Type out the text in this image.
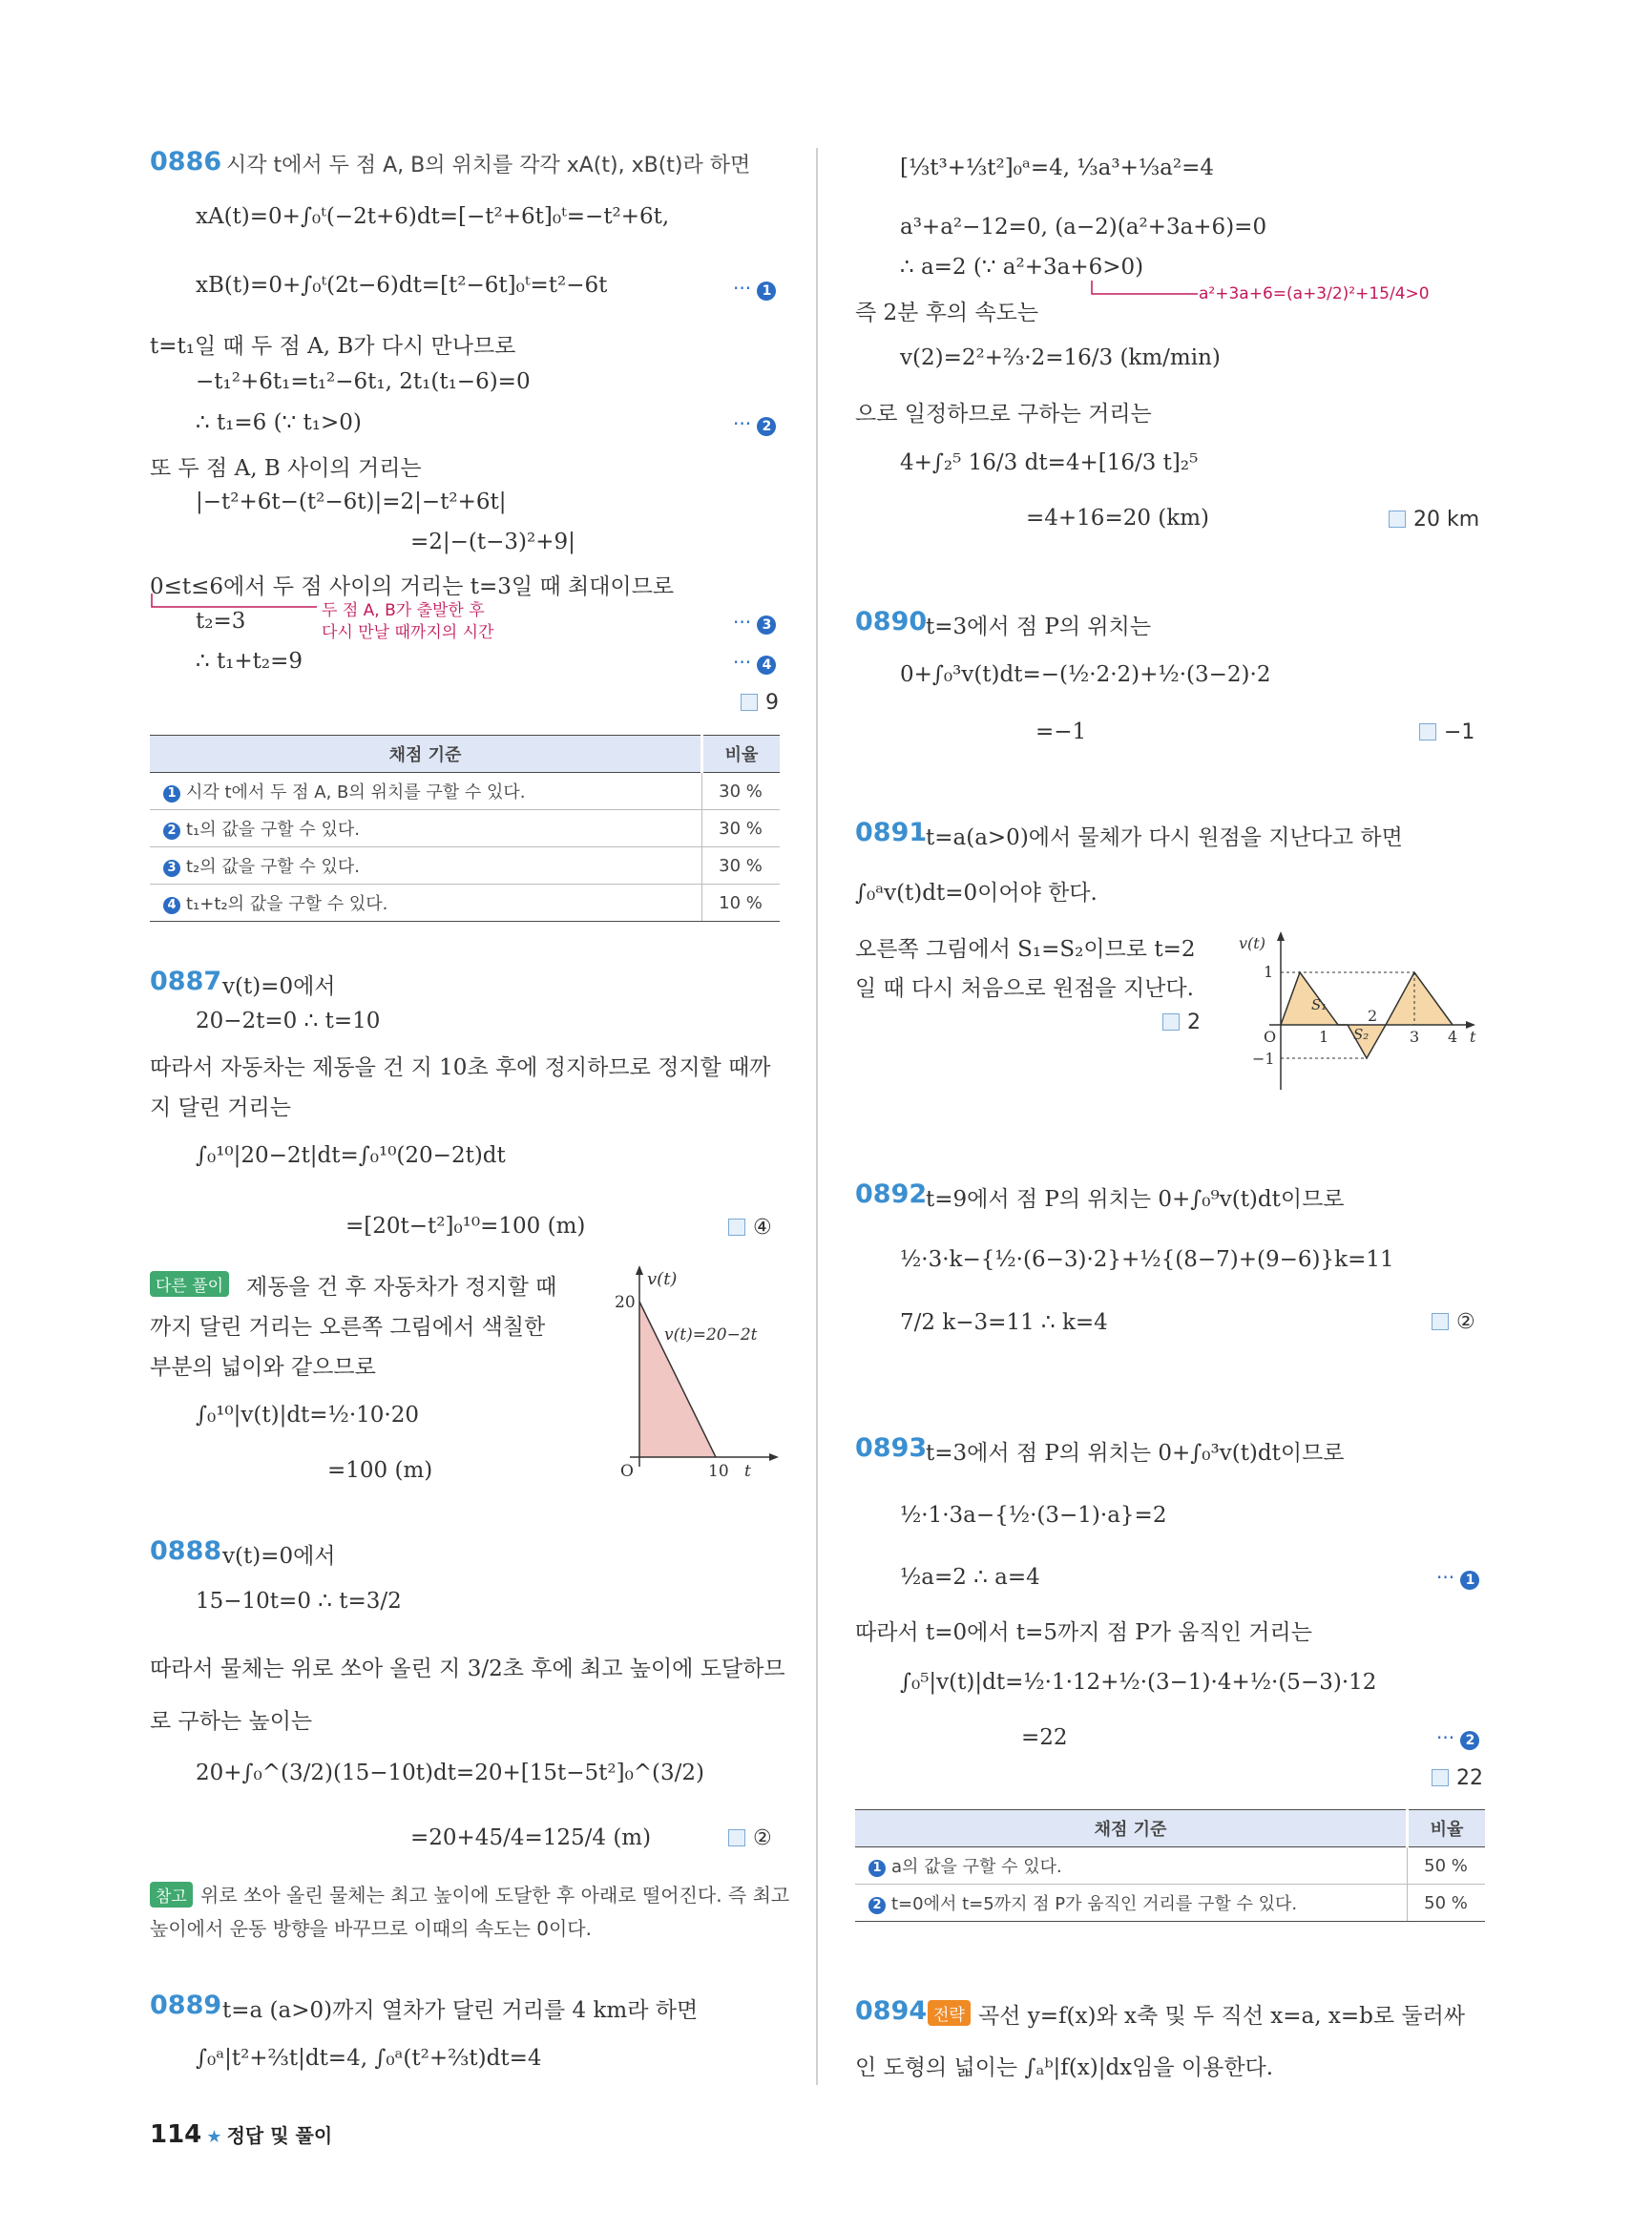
0886 시각 t에서 두 점 A, B의 위치를 각각 xA(t), xB(t)라 하면
xA(t)=0+∫₀ᵗ(−2t+6)dt=[−t²+6t]₀ᵗ=−t²+6t,
xB(t)=0+∫₀ᵗ(2t−6)dt=[t²−6t]₀ᵗ=t²−6t	··· 1
t=t₁일 때 두 점 A, B가 다시 만나므로
−t₁²+6t₁=t₁²−6t₁, 2t₁(t₁−6)=0
∴ t₁=6 (∵ t₁>0)	··· 2
또 두 점 A, B 사이의 거리는
|−t²+6t−(t²−6t)|=2|−t²+6t|
=2|−(t−3)²+9|
0≤t≤6에서 두 점 사이의 거리는 t=3일 때 최대이므로
두 점 A, B가 출발한 후
다시 만날 때까지의 시간
t₂=3	··· 3
∴ t₁+t₂=9	··· 4
9
채점 기준	비율
1 시각 t에서 두 점 A, B의 위치를 구할 수 있다.	30 %
2 t₁의 값을 구할 수 있다.	30 %
3 t₂의 값을 구할 수 있다.	30 %
4 t₁+t₂의 값을 구할 수 있다.	10 %
0887 v(t)=0에서
20−2t=0 ∴ t=10
따라서 자동차는 제동을 건 지 10초 후에 정지하므로 정지할 때까
지 달린 거리는
∫₀¹⁰|20−2t|dt=∫₀¹⁰(20−2t)dt
=[20t−t²]₀¹⁰=100 (m)	④
다른 풀이 제동을 건 후 자동차가 정지할 때
까지 달린 거리는 오른쪽 그림에서 색칠한
부분의 넓이와 같으므로
∫₀¹⁰|v(t)|dt=½·10·20
=100 (m)
v(t)
20
O	10 t
v(t)=20−2t
0888 v(t)=0에서
15−10t=0 ∴ t=3/2
따라서 물체는 위로 쏘아 올린 지 3/2초 후에 최고 높이에 도달하므
로 구하는 높이는
20+∫₀^(3/2)(15−10t)dt=20+[15t−5t²]₀^(3/2)
=20+45/4=125/4 (m)	②
참고 위로 쏘아 올린 물체는 최고 높이에 도달한 후 아래로 떨어진다. 즉 최고
높이에서 운동 방향을 바꾸므로 이때의 속도는 0이다.
0889 t=a (a>0)까지 열차가 달린 거리를 4 km라 하면
∫₀ᵃ|t²+⅔t|dt=4, ∫₀ᵃ(t²+⅔t)dt=4
[⅓t³+⅓t²]₀ᵃ=4, ⅓a³+⅓a²=4
a³+a²−12=0, (a−2)(a²+3a+6)=0
∴ a=2 (∵ a²+3a+6>0)
a²+3a+6=(a+3/2)²+15/4>0
즉 2분 후의 속도는
v(2)=2²+⅔·2=16/3 (km/min)
으로 일정하므로 구하는 거리는
4+∫₂⁵ 16/3 dt=4+[16/3 t]₂⁵
=4+16=20 (km)	20 km
114 ★ 정답 및 풀이
0890
t=3에서 점 P의 위치는
0+∫₀³v(t)dt=−(½·2·2)+½·(3−2)·2
=−1	−1
0891
t=a(a>0)에서 물체가 다시 원점을 지난다고 하면
∫₀ᵃv(t)dt=0이어야 한다.
오른쪽 그림에서 S₁=S₂이므로 t=2
일 때 다시 처음으로 원점을 지난다.
2
v(t)
1
−1
O
S₁
S₂
1
2
3 4 t
0892
t=9에서 점 P의 위치는 0+∫₀⁹v(t)dt이므로
½·3·k−{½·(6−3)·2}+½{(8−7)+(9−6)}k=11
7/2 k−3=11 ∴ k=4	②
0893
t=3에서 점 P의 위치는 0+∫₀³v(t)dt이므로
½·1·3a−{½·(3−1)·a}=2
½a=2 ∴ a=4	··· 1
따라서 t=0에서 t=5까지 점 P가 움직인 거리는
∫₀⁵|v(t)|dt=½·1·12+½·(3−1)·4+½·(5−3)·12
=22	··· 2
22
채점 기준	비율
1 a의 값을 구할 수 있다.	50 %
2 t=0에서 t=5까지 점 P가 움직인 거리를 구할 수 있다.	50 %
0894 전략 곡선 y=f(x)와 x축 및 두 직선 x=a, x=b로 둘러싸
인 도형의 넓이는 ∫ₐᵇ|f(x)|dx임을 이용한다.
